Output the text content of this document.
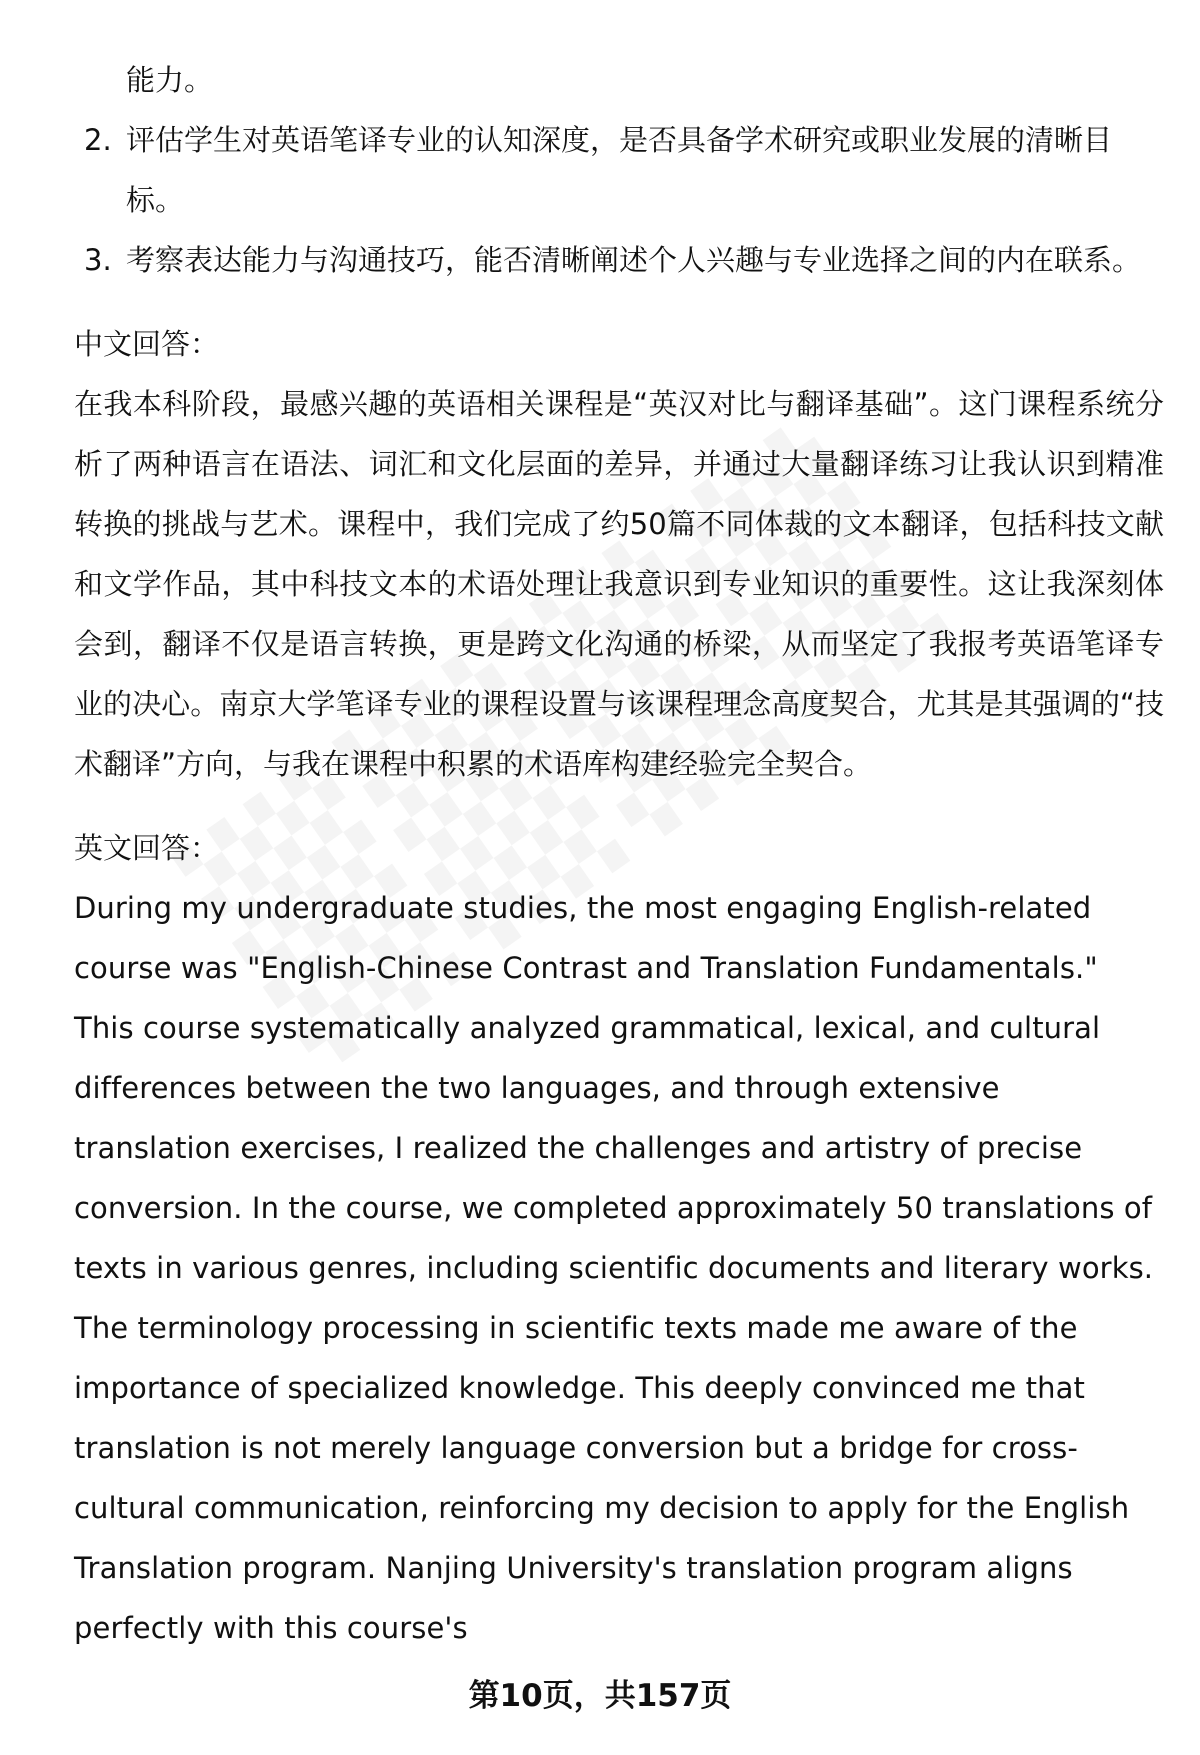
能力。
2. 评估学生对英语笔译专业的认知深度，是否具备学术研究或职业发展的清晰目标。
3. 考察表达能力与沟通技巧，能否清晰阐述个人兴趣与专业选择之间的内在联系。
中文回答：
在我本科阶段，最感兴趣的英语相关课程是“英汉对比与翻译基础”。这门课程系统分析了两种语言在语法、词汇和文化层面的差异，并通过大量翻译练习让我认识到精准转换的挑战与艺术。课程中，我们完成了约50篇不同体裁的文本翻译，包括科技文献和文学作品，其中科技文本的术语处理让我意识到专业知识的重要性。这让我深刻体会到，翻译不仅是语言转换，更是跨文化沟通的桥梁，从而坚定了我报考英语笔译专业的决心。南京大学笔译专业的课程设置与该课程理念高度契合，尤其是其强调的“技术翻译”方向，与我在课程中积累的术语库构建经验完全契合。
英文回答：
During my undergraduate studies, the most engaging English-related course was "English-Chinese Contrast and Translation Fundamentals." This course systematically analyzed grammatical, lexical, and cultural differences between the two languages, and through extensive translation exercises, I realized the challenges and artistry of precise conversion. In the course, we completed approximately 50 translations of texts in various genres, including scientific documents and literary works. The terminology processing in scientific texts made me aware of the importance of specialized knowledge. This deeply convinced me that translation is not merely language conversion but a bridge for cross-cultural communication, reinforcing my decision to apply for the English Translation program. Nanjing University's translation program aligns perfectly with this course's
第10页，共157页
